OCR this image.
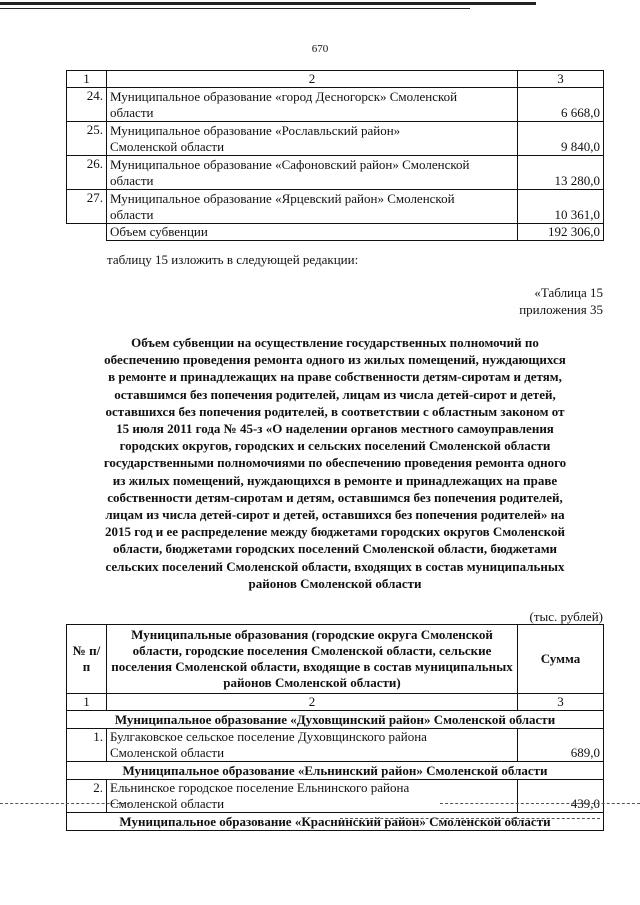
670
1	2	3
24.	Муниципальное образование «город Десногорск» Смоленской
области	6 668,0
25.	Муниципальное образование «Рославльский район»
Смоленской области	9 840,0
26.	Муниципальное образование «Сафоновский район» Смоленской
области	13 280,0
27.	Муниципальное образование «Ярцевский район» Смоленской
области	10 361,0
	Объем субвенции	192 306,0
таблицу 15 изложить в следующей редакции:
«Таблица 15
приложения 35
Объем субвенции на осуществление государственных полномочий по
обеспечению проведения ремонта одного из жилых помещений, нуждающихся
в ремонте и принадлежащих на праве собственности детям-сиротам и детям,
оставшимся без попечения родителей, лицам из числа детей-сирот и детей,
оставшихся без попечения родителей, в соответствии с областным законом от
15 июля 2011 года № 45-з «О наделении органов местного самоуправления
городских округов, городских и сельских поселений Смоленской области
государственными полномочиями по обеспечению проведения ремонта одного
из жилых помещений, нуждающихся в ремонте и принадлежащих на праве
собственности детям-сиротам и детям, оставшимся без попечения родителей,
лицам из числа детей-сирот и детей, оставшихся без попечения родителей» на
2015 год и ее распределение между бюджетами городских округов Смоленской
области, бюджетами городских поселений Смоленской области, бюджетами
сельских поселений Смоленской области, входящих в состав муниципальных
районов Смоленской области
(тыс. рублей)
№ п/п	Муниципальные образования (городские округа Смоленской области, городские поселения Смоленской области, сельские поселения Смоленской области, входящие в состав муниципальных районов Смоленской области)	Сумма
1	2	3
Муниципальное образование «Духовщинский район» Смоленской области		
1.	Булгаковское сельское поселение Духовщинского района
Смоленской области	689,0
Муниципальное образование «Ельнинский район» Смоленской области		
2.	Ельнинское городское поселение Ельнинского района
Смоленской области	439,0
Муниципальное образование «Краснинский район» Смоленской области		
